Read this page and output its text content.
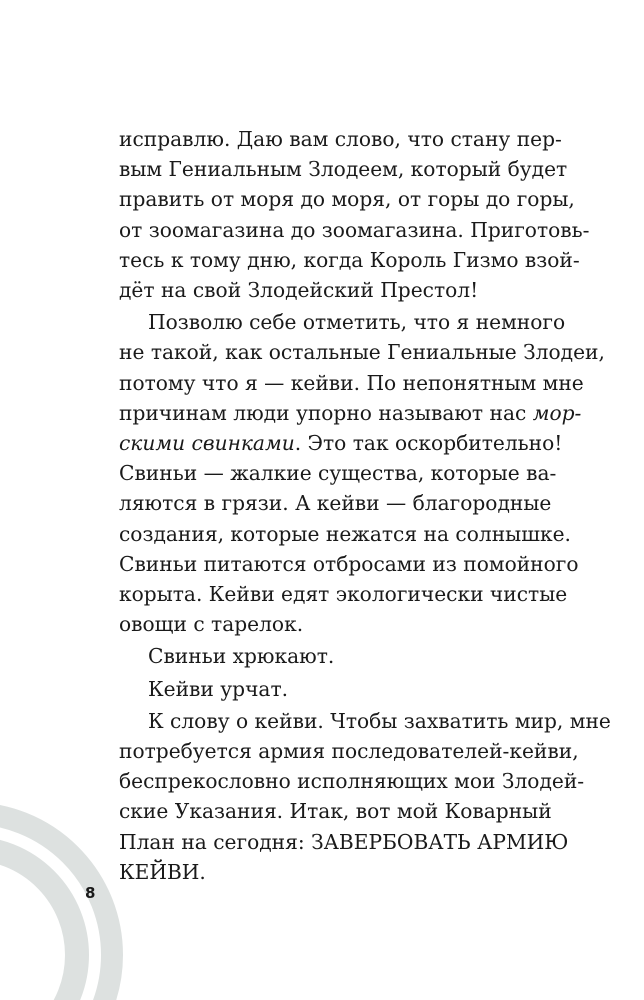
исправлю. Даю вам слово, что стану пер-
вым Гениальным Злодеем, который будет
править от моря до моря, от горы до горы,
от зоомагазина до зоомагазина. Приготовь-
тесь к тому дню, когда Король Гизмо взой-
дёт на свой Злодейский Престол!
Позволю себе отметить, что я немного
не такой, как остальные Гениальные Злодеи,
потому что я — кейви. По непонятным мне
причинам люди упорно называют нас мор-
скими свинками. Это так оскорбительно!
Свиньи — жалкие существа, которые ва-
ляются в грязи. А кейви — благородные
создания, которые нежатся на солнышке.
Свиньи питаются отбросами из помойного
корыта. Кейви едят экологически чистые
овощи с тарелок.
Свиньи хрюкают.
Кейви урчат.
К слову о кейви. Чтобы захватить мир, мне
потребуется армия последователей-кейви,
беспрекословно исполняющих мои Злодей-
ские Указания. Итак, вот мой Коварный
План на сегодня: ЗАВЕРБОВАТЬ АРМИЮ
КЕЙВИ.
8
